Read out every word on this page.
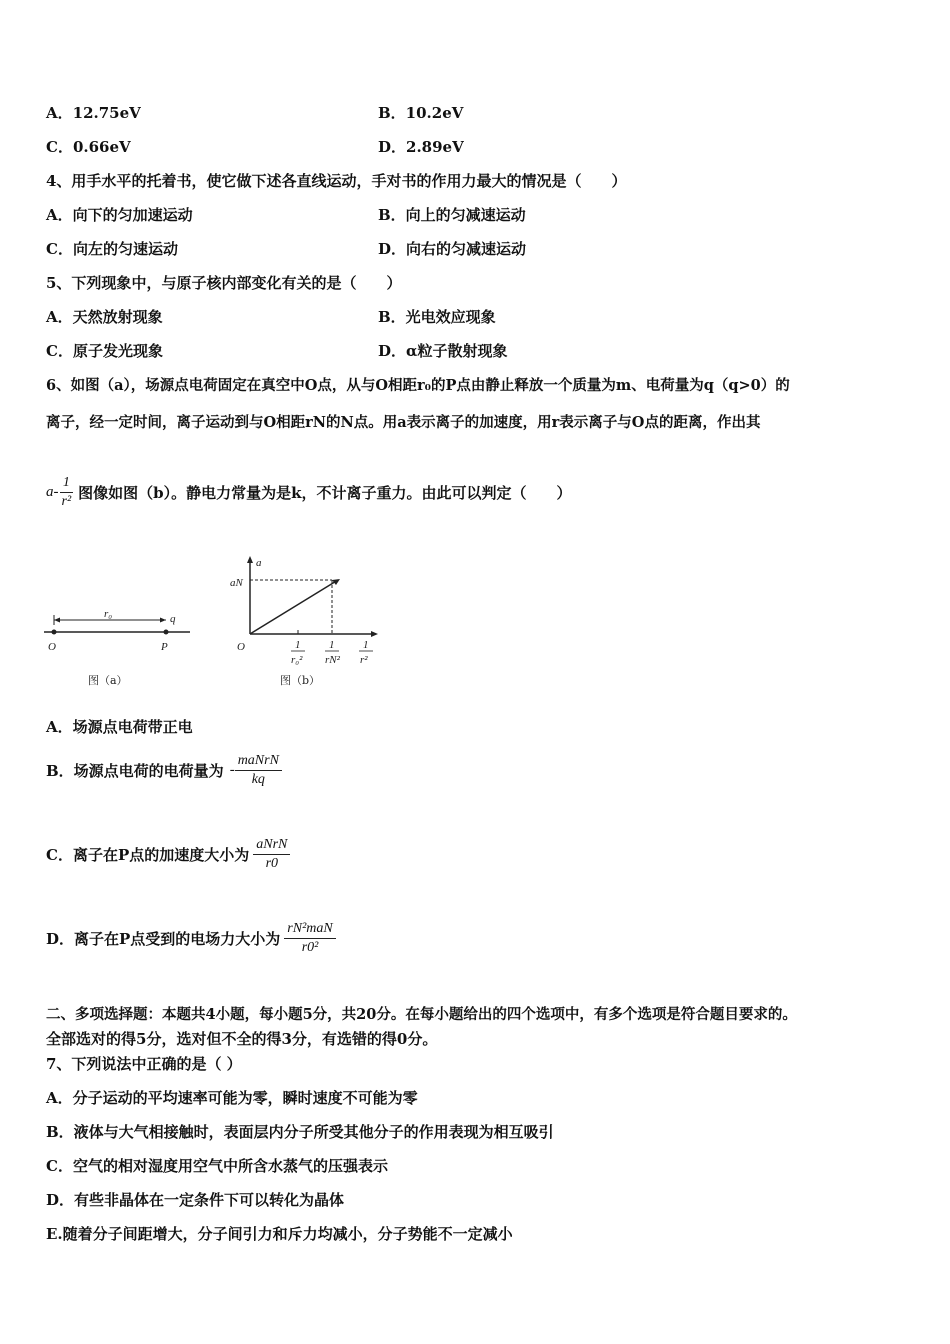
A．12.75eV	B．10.2eV
C．0.66eV	D．2.89eV
4、用手水平的托着书，使它做下述各直线运动，手对书的作用力最大的情况是（　　）
A．向下的匀加速运动	B．向上的匀减速运动
C．向左的匀速运动	D．向右的匀减速运动
5、下列现象中，与原子核内部变化有关的是（　　）
A．天然放射现象	B．光电效应现象
C．原子发光现象	D．α粒子散射现象
6、如图（a），场源点电荷固定在真空中O点，从与O相距r₀的P点由静止释放一个质量为m、电荷量为q（q>0）的
离子，经一定时间，离子运动到与O相距rN的N点。用a表示离子的加速度，用r表示离子与O点的距离，作出其
a - $\frac{1}{\text{r²}}$ 图像如图（b）。静电力常量为是k，不计离子重力。由此可以判定（　　）
r₀	q
O	P
图（a）
a
aN
O	1
r₀²
1
rN²
1
r²
图（b）
A．场源点电荷带正电
B．场源点电荷的电荷量为 - $\frac{\text{maNrN}}{kq}$
C．离子在P点的加速度大小为 $\frac{\text{aNrN}}{r0}$
D．离子在P点受到的电场力大小为 $\frac{\text{rN²maN}}{\text{r0²}}$
二、多项选择题：本题共4小题，每小题5分，共20分。在每小题给出的四个选项中，有多个选项是符合题目要求的。
全部选对的得5分，选对但不全的得3分，有选错的得0分。
7、下列说法中正确的是（ ）
A．分子运动的平均速率可能为零，瞬时速度不可能为零
B．液体与大气相接触时，表面层内分子所受其他分子的作用表现为相互吸引
C．空气的相对湿度用空气中所含水蒸气的压强表示
D．有些非晶体在一定条件下可以转化为晶体
E.随着分子间距增大，分子间引力和斥力均减小，分子势能不一定减小
